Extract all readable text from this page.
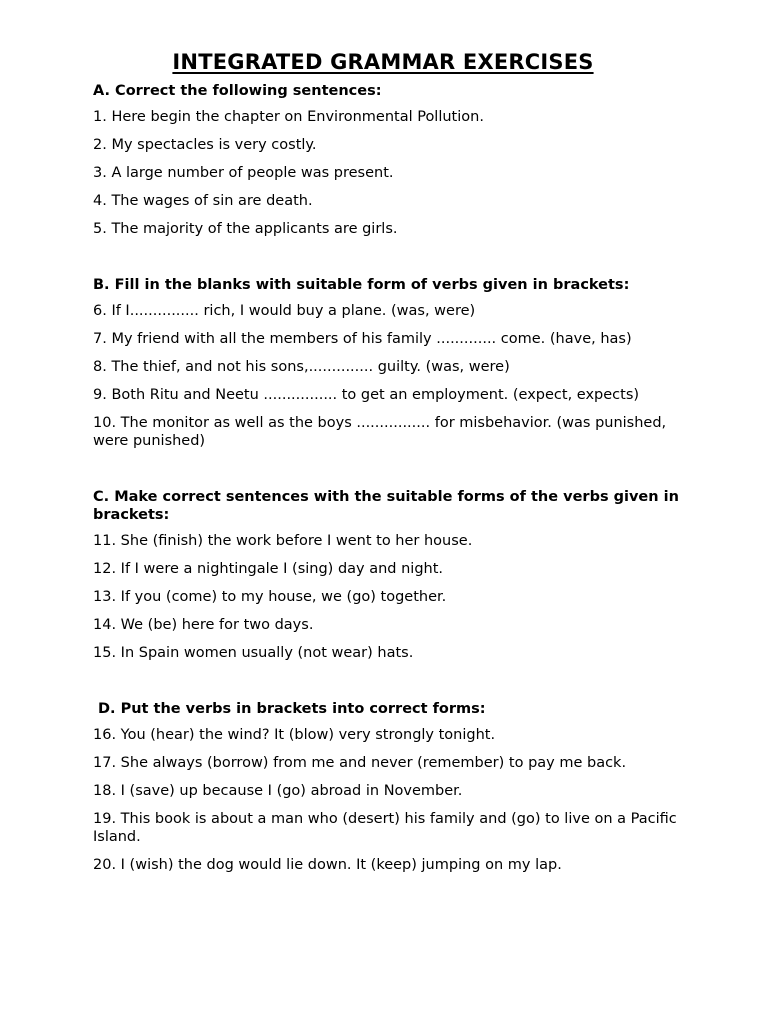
INTEGRATED GRAMMAR EXERCISES
A. Correct the following sentences:
1. Here begin the chapter on Environmental Pollution.
2. My spectacles is very costly.
3. A large number of people was present.
4. The wages of sin are death.
5. The majority of the applicants are girls.
B. Fill in the blanks with suitable form of verbs given in brackets:
6. If I............... rich, I would buy a plane. (was, were)
7. My friend with all the members of his family ............. come. (have, has)
8. The thief, and not his sons,.............. guilty. (was, were)
9. Both Ritu and Neetu ................ to get an employment. (expect, expects)
10. The monitor as well as the boys ................ for misbehavior. (was punished, were punished)
C. Make correct sentences with the suitable forms of the verbs given in brackets:
11. She (finish) the work before I went to her house.
12. If I were a nightingale I (sing) day and night.
13. If you (come) to my house, we (go) together.
14. We (be) here for two days.
15. In Spain women usually (not wear) hats.
D. Put the verbs in brackets into correct forms:
16. You (hear) the wind? It (blow) very strongly tonight.
17. She always (borrow) from me and never (remember) to pay me back.
18. I (save) up because I (go) abroad in November.
19. This book is about a man who (desert) his family and (go) to live on a Pacific Island.
20. I (wish) the dog would lie down. It (keep) jumping on my lap.
